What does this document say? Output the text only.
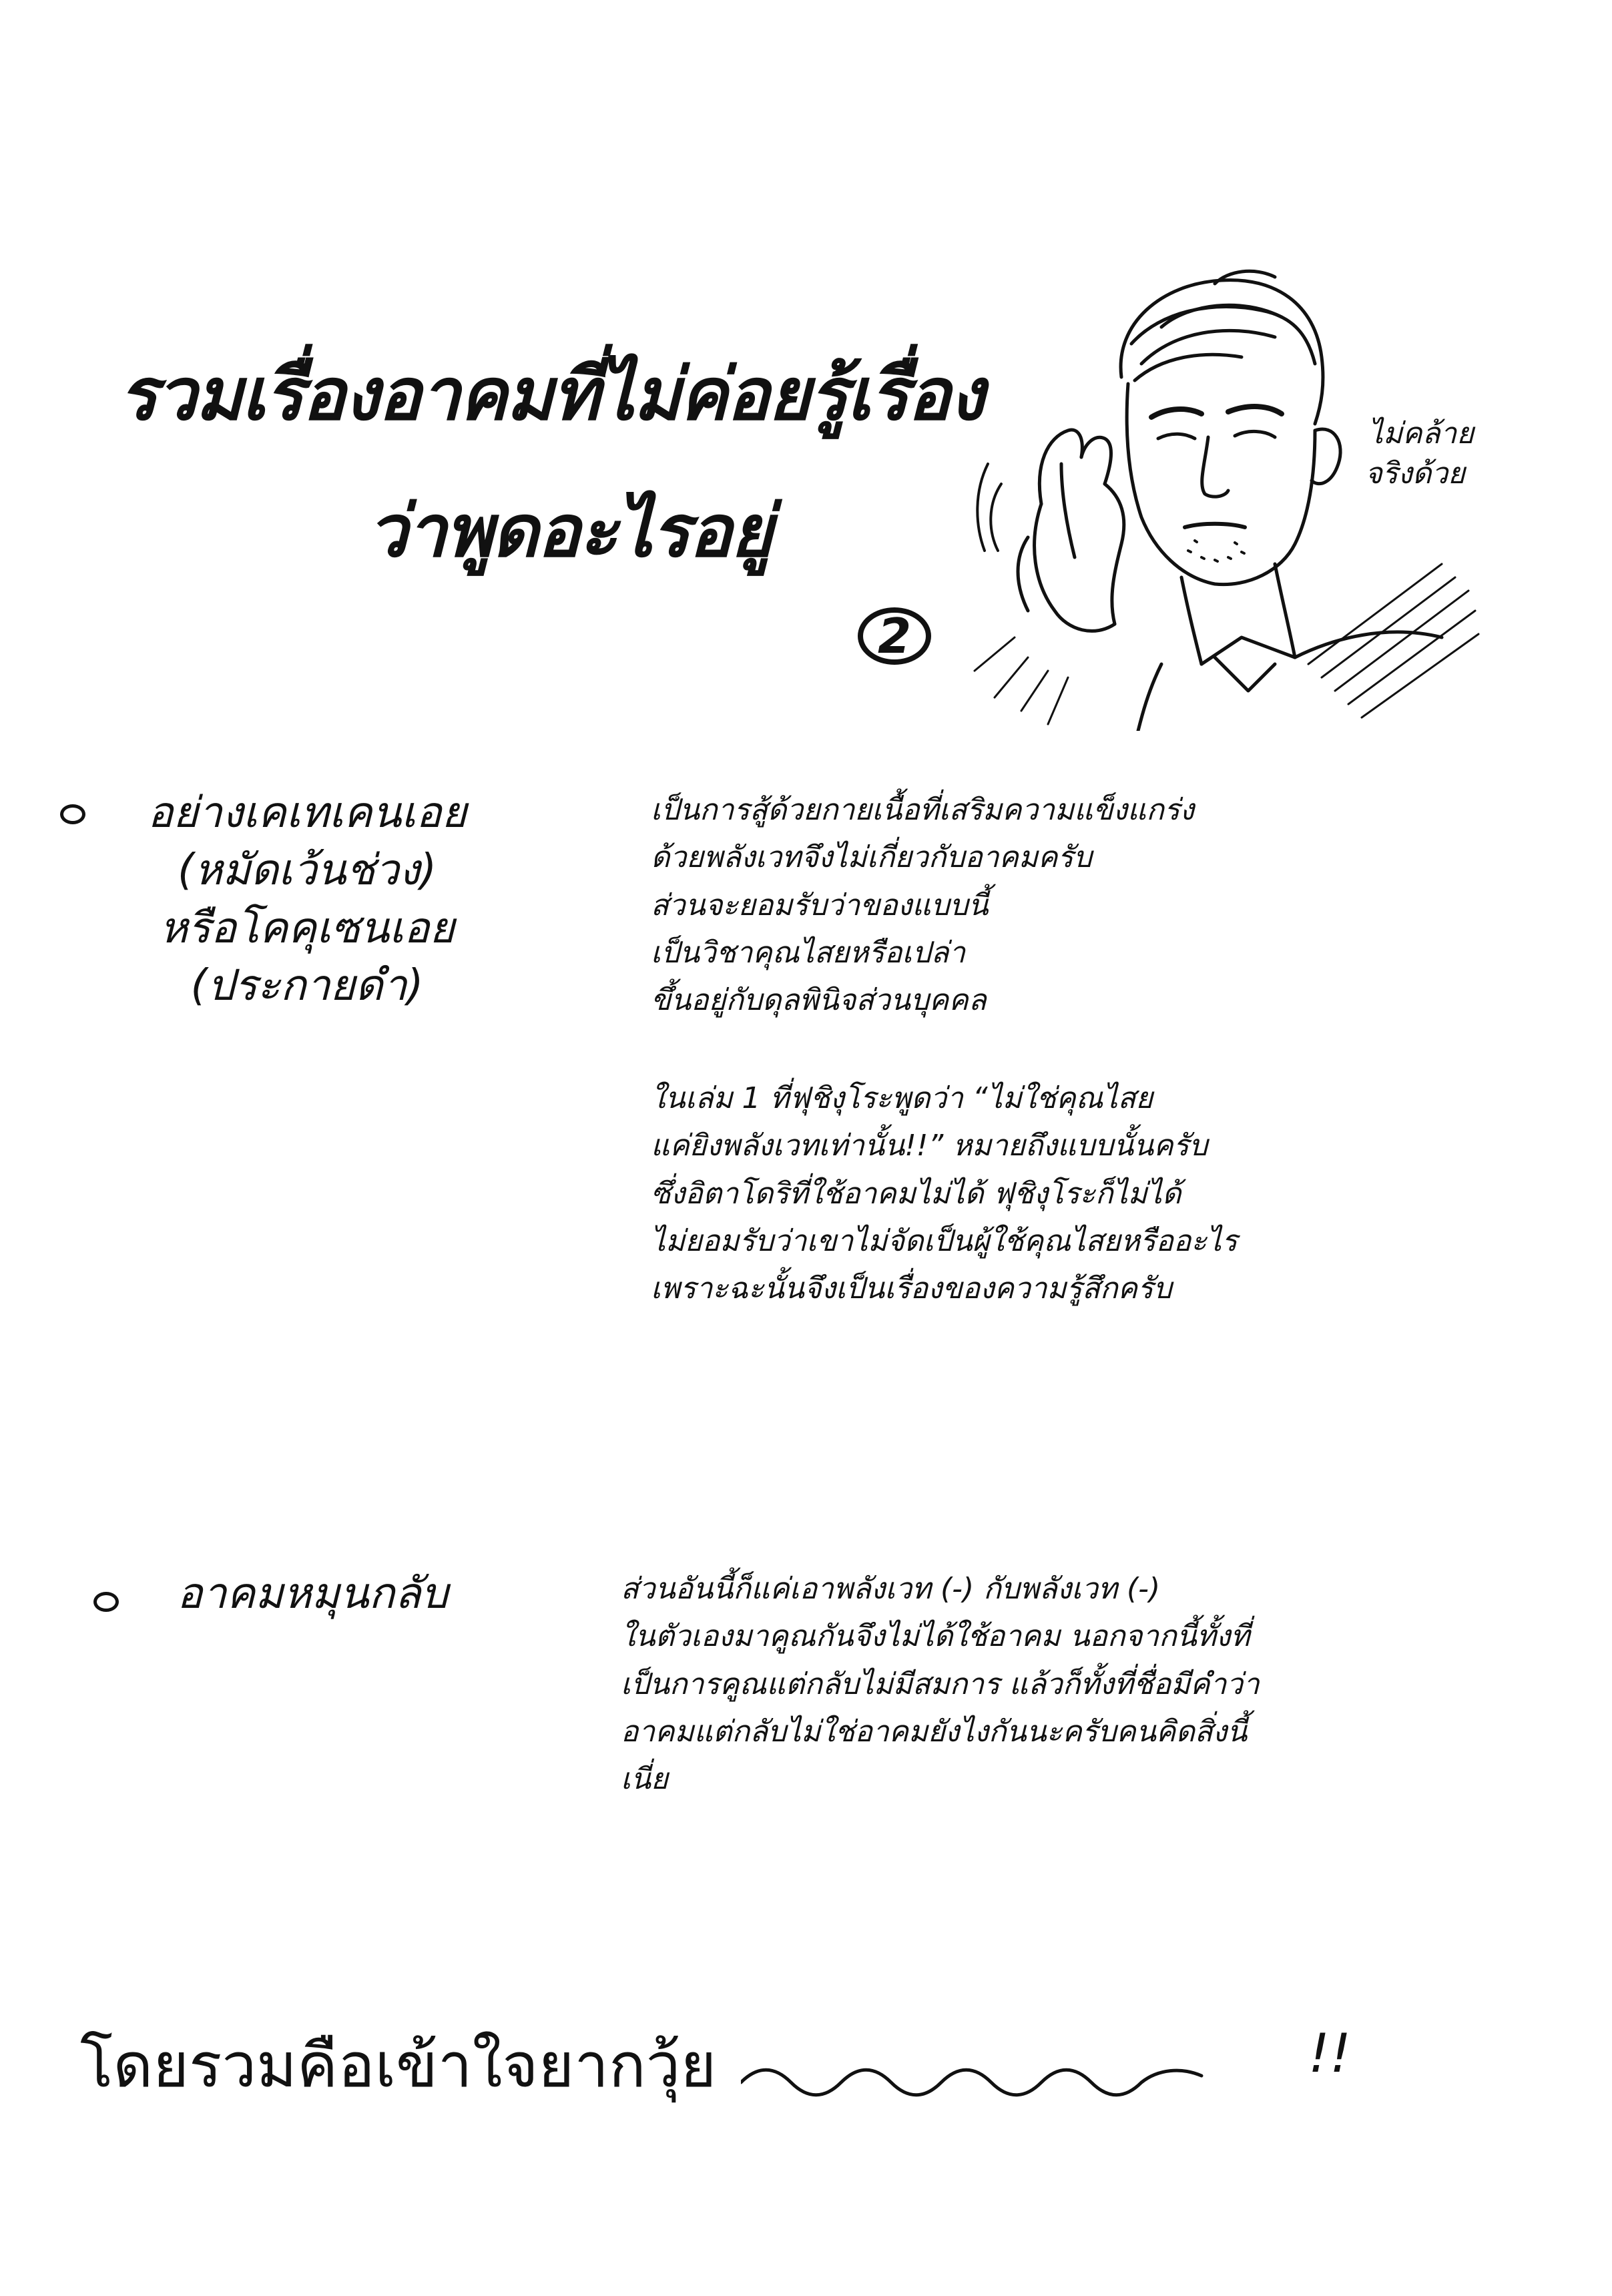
รวมเรื่องอาคมที่ไม่ค่อยรู้เรื่อง
ว่าพูดอะไรอยู่
2
ไม่คล้าย
จริงด้วย
อย่างเคเทเคนเอย
(หมัดเว้นช่วง)
หรือโคคุเซนเอย
(ประกายดำ)
เป็นการสู้ด้วยกายเนื้อที่เสริมความแข็งแกร่ง
ด้วยพลังเวทจึงไม่เกี่ยวกับอาคมครับ
ส่วนจะยอมรับว่าของแบบนี้
เป็นวิชาคุณไสยหรือเปล่า
ขึ้นอยู่กับดุลพินิจส่วนบุคคล
ในเล่ม 1 ที่ฟุชิงุโระพูดว่า “ไม่ใช่คุณไสย
แค่ยิงพลังเวทเท่านั้น!!” หมายถึงแบบนั้นครับ
ซึ่งอิตาโดริที่ใช้อาคมไม่ได้ ฟุชิงุโระก็ไม่ได้
ไม่ยอมรับว่าเขาไม่จัดเป็นผู้ใช้คุณไสยหรืออะไร
เพราะฉะนั้นจึงเป็นเรื่องของความรู้สึกครับ
อาคมหมุนกลับ	ส่วนอันนี้ก็แค่เอาพลังเวท (-) กับพลังเวท (-)
ในตัวเองมาคูณกันจึงไม่ได้ใช้อาคม นอกจากนี้ทั้งที่
เป็นการคูณแต่กลับไม่มีสมการ แล้วก็ทั้งที่ชื่อมีคำว่า
อาคมแต่กลับไม่ใช่อาคมยังไงกันนะครับคนคิดสิ่งนี้
เนี่ย
โดยรวมคือเข้าใจยากวุ้ย	!!
